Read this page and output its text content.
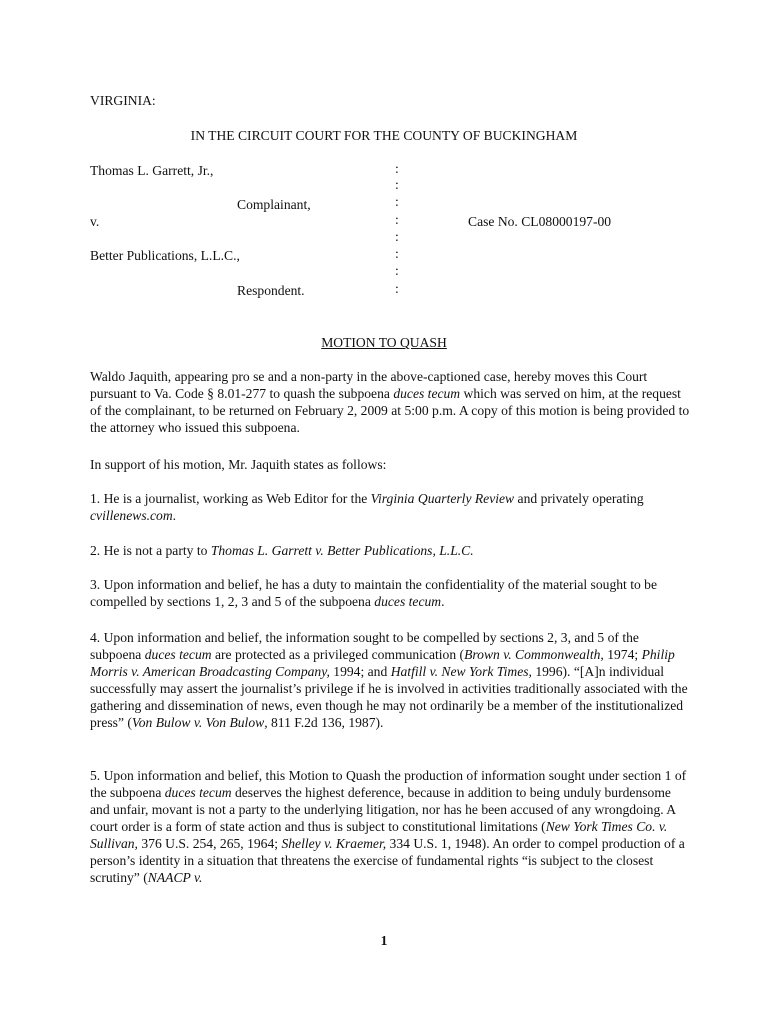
VIRGINIA:
IN THE CIRCUIT COURT FOR THE COUNTY OF BUCKINGHAM
Thomas L. Garrett, Jr.,
Complainant,
v.	Case No. CL08000197-00
Better Publications, L.L.C.,
Respondent.
:
:
:
:
:
:
:
:
MOTION TO QUASH
Waldo Jaquith, appearing pro se and a non-party in the above-captioned case, hereby moves this Court pursuant to Va. Code § 8.01-277 to quash the subpoena duces tecum which was served on him, at the request of the complainant, to be returned on February 2, 2009 at 5:00 p.m. A copy of this motion is being provided to the attorney who issued this subpoena.
In support of his motion, Mr. Jaquith states as follows:
1. He is a journalist, working as Web Editor for the Virginia Quarterly Review and privately operating cvillenews.com.
2. He is not a party to Thomas L. Garrett v. Better Publications, L.L.C.
3. Upon information and belief, he has a duty to maintain the confidentiality of the material sought to be compelled by sections 1, 2, 3 and 5 of the subpoena duces tecum.
4. Upon information and belief, the information sought to be compelled by sections 2, 3, and 5 of the subpoena duces tecum are protected as a privileged communication (Brown v. Commonwealth, 1974; Philip Morris v. American Broadcasting Company, 1994; and Hatfill v. New York Times, 1996). “[A]n individual successfully may assert the journalist’s privilege if he is involved in activities traditionally associated with the gathering and dissemination of news, even though he may not ordinarily be a member of the institutionalized press” (Von Bulow v. Von Bulow, 811 F.2d 136, 1987).
5. Upon information and belief, this Motion to Quash the production of information sought under section 1 of the subpoena duces tecum deserves the highest deference, because in addition to being unduly burdensome and unfair, movant is not a party to the underlying litigation, nor has he been accused of any wrongdoing. A court order is a form of state action and thus is subject to constitutional limitations (New York Times Co. v. Sullivan, 376 U.S. 254, 265, 1964; Shelley v. Kraemer, 334 U.S. 1, 1948). An order to compel production of a person’s identity in a situation that threatens the exercise of fundamental rights “is subject to the closest scrutiny” (NAACP v.
1
